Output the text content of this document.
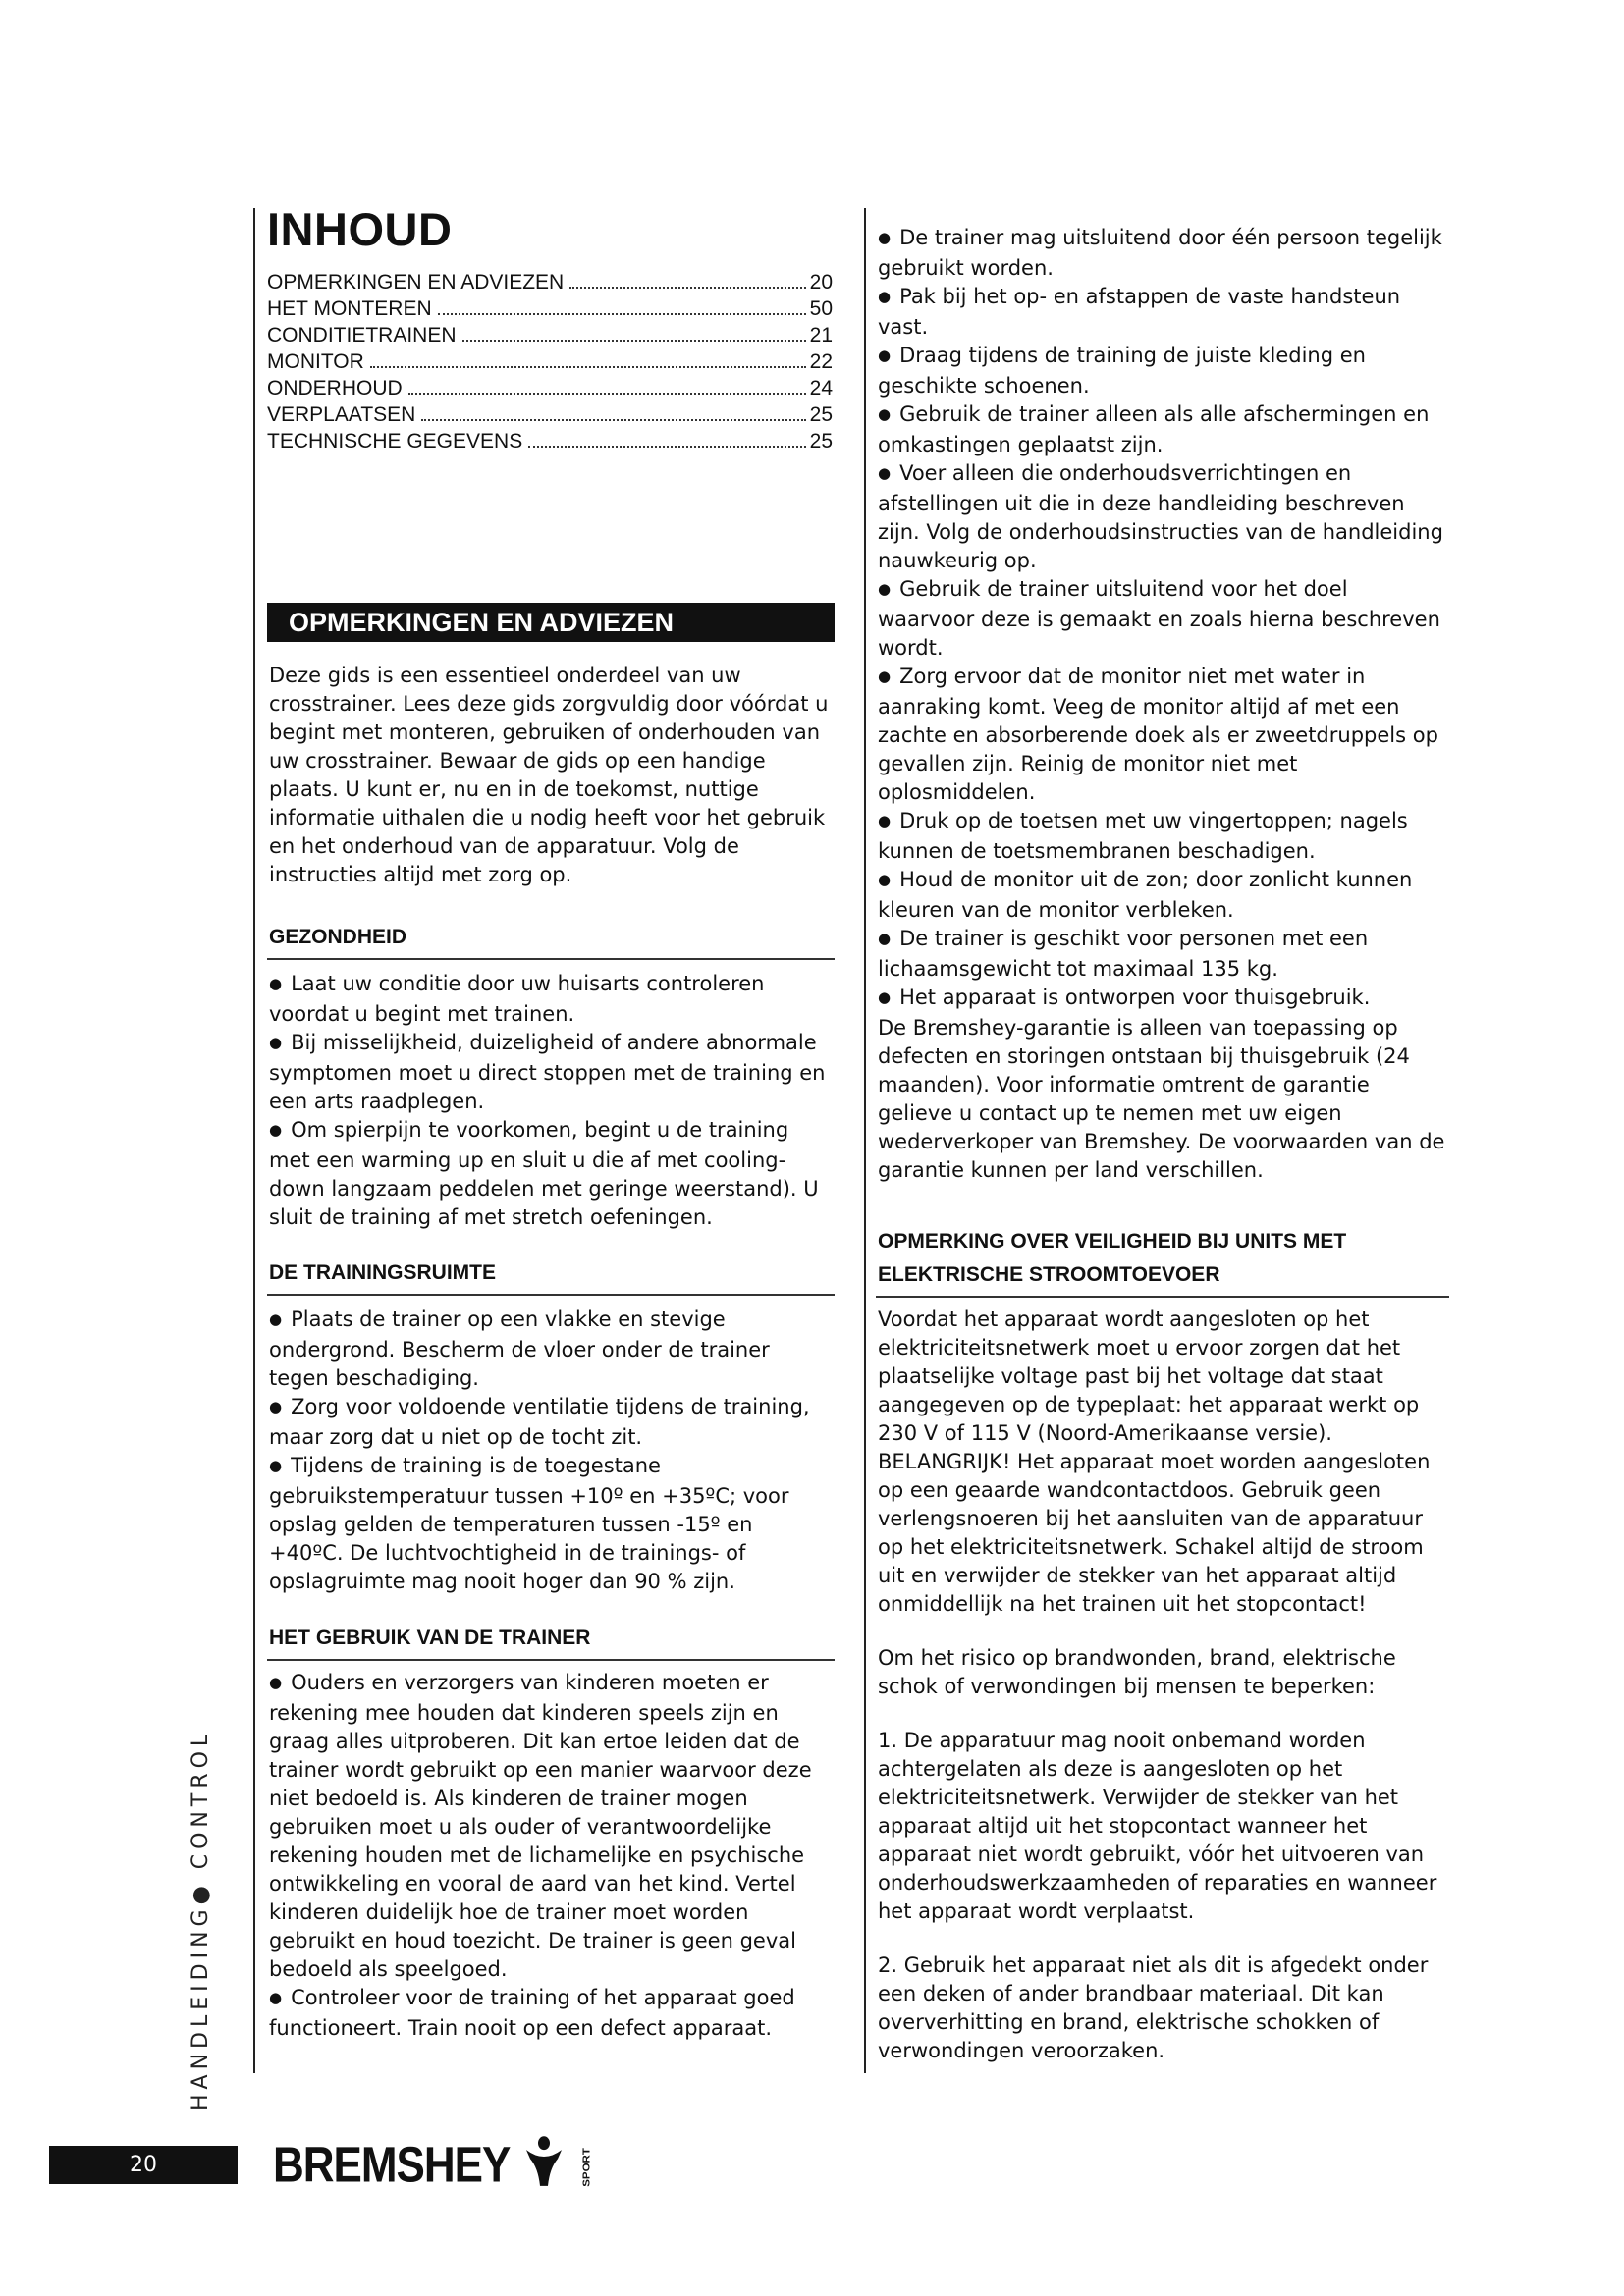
INHOUD
OPMERKINGEN EN ADVIEZEN	20
HET MONTEREN	50
CONDITIETRAINEN	21
MONITOR	22
ONDERHOUD	24
VERPLAATSEN	25
TECHNISCHE GEGEVENS	25
OPMERKINGEN EN ADVIEZEN

Deze gids is een essentieel onderdeel van uw crosstrainer. Lees deze gids zorgvuldig door vóórdat u begint met monteren, gebruiken of onderhouden van uw crosstrainer. Bewaar de gids op een handige plaats. U kunt er, nu en in de toekomst, nuttige informatie uithalen die u nodig heeft voor het gebruik en het onderhoud van de apparatuur. Volg de instructies altijd met zorg op.

GEZONDHEID

● Laat uw conditie door uw huisarts controleren voordat u begint met trainen.

● Bij misselijkheid, duizeligheid of andere abnormale symptomen moet u direct stoppen met de training en een arts raadplegen.

● Om spierpijn te voorkomen, begint u de training met een warming up en sluit u die af met cooling-down langzaam peddelen met geringe weerstand). U sluit de training af met stretch oefeningen.

DE TRAININGSRUIMTE

● Plaats de trainer op een vlakke en stevige ondergrond. Bescherm de vloer onder de trainer tegen beschadiging.

● Zorg voor voldoende ventilatie tijdens de training, maar zorg dat u niet op de tocht zit.

● Tijdens de training is de toegestane gebruikstemperatuur tussen +10º en +35ºC; voor opslag gelden de temperaturen tussen -15º en +40ºC. De luchtvochtigheid in de trainings- of opslagruimte mag nooit hoger dan 90 % zijn.

HET GEBRUIK VAN DE TRAINER

● Ouders en verzorgers van kinderen moeten er rekening mee houden dat kinderen speels zijn en graag alles uitproberen. Dit kan ertoe leiden dat de trainer wordt gebruikt op een manier waarvoor deze niet bedoeld is. Als kinderen de trainer mogen gebruiken moet u als ouder of verantwoordelijke rekening houden met de lichamelijke en psychische ontwikkeling en vooral de aard van het kind. Vertel kinderen duidelijk hoe de trainer moet worden gebruikt en houd toezicht. De trainer is geen geval bedoeld als speelgoed.

● Controleer voor de training of het apparaat goed functioneert. Train nooit op een defect apparaat.

● De trainer mag uitsluitend door één persoon tegelijk gebruikt worden.

● Pak bij het op- en afstappen de vaste handsteun vast.

● Draag tijdens de training de juiste kleding en geschikte schoenen.

● Gebruik de trainer alleen als alle afschermingen en omkastingen geplaatst zijn.

● Voer alleen die onderhoudsverrichtingen en afstellingen uit die in deze handleiding beschreven zijn. Volg de onderhoudsinstructies van de handleiding nauwkeurig op.

● Gebruik de trainer uitsluitend voor het doel waarvoor deze is gemaakt en zoals hierna beschreven wordt.

● Zorg ervoor dat de monitor niet met water in aanraking komt. Veeg de monitor altijd af met een zachte en absorberende doek als er zweetdruppels op gevallen zijn. Reinig de monitor niet met oplosmiddelen.

● Druk op de toetsen met uw vingertoppen; nagels kunnen de toetsmembranen beschadigen.

● Houd de monitor uit de zon; door zonlicht kunnen kleuren van de monitor verbleken.

● De trainer is geschikt voor personen met een lichaamsgewicht tot maximaal 135 kg.

● Het apparaat is ontworpen voor thuisgebruik.

De Bremshey-garantie is alleen van toepassing op defecten en storingen ontstaan bij thuisgebruik (24 maanden). Voor informatie omtrent de garantie gelieve u contact up te nemen met uw eigen wederverkoper van Bremshey. De voorwaarden van de garantie kunnen per land verschillen.

OPMERKING OVER VEILIGHEID BIJ UNITS MET
ELEKTRISCHE STROOMTOEVOER

Voordat het apparaat wordt aangesloten op het elektriciteitsnetwerk moet u ervoor zorgen dat het plaatselijke voltage past bij het voltage dat staat aangegeven op de typeplaat: het apparaat werkt op 230 V of 115 V (Noord-Amerikaanse versie). BELANGRIJK! Het apparaat moet worden aangesloten op een geaarde wandcontactdoos. Gebruik geen verlengsnoeren bij het aansluiten van de apparatuur op het elektriciteitsnetwerk. Schakel altijd de stroom uit en verwijder de stekker van het apparaat altijd onmiddellijk na het trainen uit het stopcontact!

Om het risico op brandwonden, brand, elektrische schok of verwondingen bij mensen te beperken:

1. De apparatuur mag nooit onbemand worden achtergelaten als deze is aangesloten op het elektriciteitsnetwerk. Verwijder de stekker van het apparaat altijd uit het stopcontact wanneer het apparaat niet wordt gebruikt, vóór het uitvoeren van onderhoudswerkzaamheden of reparaties en wanneer het apparaat wordt verplaatst.

2. Gebruik het apparaat niet als dit is afgedekt onder een deken of ander brandbaar materiaal. Dit kan oververhitting en brand, elektrische schokken of verwondingen veroorzaken.

HANDLEIDING● CONTROL
20	BREMSHEY	SPORT
